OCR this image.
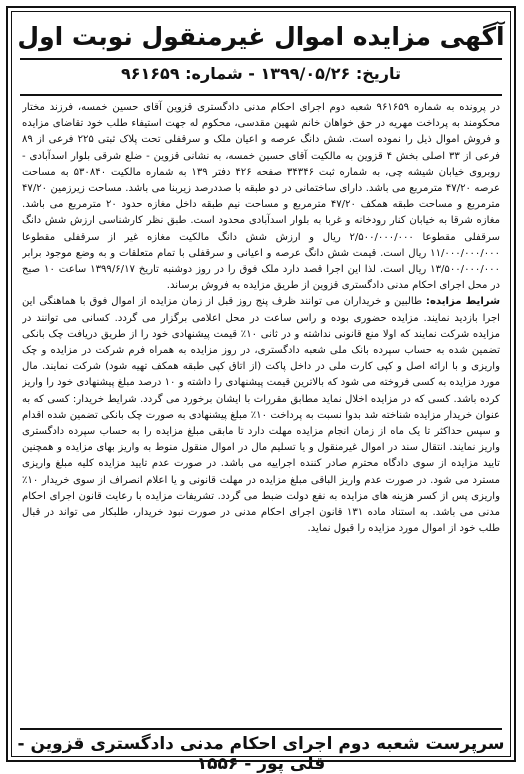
آگهی مزایده اموال غیرمنقول نوبت اول
تاریخ: ۱۳۹۹/۰۵/۲۶ - شماره: ۹۶۱۶۵۹

در پرونده به شماره ۹۶۱۶۵۹ شعبه دوم اجرای احکام مدنی دادگستری قزوین آقای حسین خمسه، فرزند مختار محکومند به پرداخت مهریه در حق خواهان خانم شهین مقدسی، محکوم له جهت استیفاء طلب خود تقاضای مزایده و فروش اموال ذیل را نموده است. شش دانگ عرصه و اعیان ملک و سرقفلی تحت پلاک ثبتی ۲۲۵ فرعی از ۸۹ فرعی از ۳۳ اصلی بخش ۴ قزوین به مالکیت آقای حسین خمسه، به نشانی قزوین - ضلع شرقی بلوار اسدآبادی - روبروی خیابان شیشه چی، به شماره ثبت ۳۴۳۴۶ صفحه ۴۲۶ دفتر ۱۳۹ به شماره مالکیت ۵۳۰۸۴۰ به مساحت عرصه ۴۷/۲۰ مترمربع می باشد. دارای ساختمانی در دو طبقه با صددرصد زیربنا می باشد. مساحت زیرزمین ۴۷/۲۰ مترمربع و مساحت طبقه همکف ۴۷/۲۰ مترمربع و مساحت نیم طبقه داخل مغازه حدود ۲۰ مترمربع می باشد. مغازه شرقا به خیابان کنار رودخانه و غربا به بلوار اسدآبادی محدود است. طبق نظر کارشناسی ارزش شش دانگ سرقفلی مقطوعا ۲/۵۰۰/۰۰۰/۰۰۰ ریال و ارزش شش دانگ مالکیت مغازه غیر از سرقفلی مقطوعا ۱۱/۰۰۰/۰۰۰/۰۰۰ ریال است. قیمت شش دانگ عرصه و اعیانی و سرقفلی با تمام متعلقات و به وضع موجود برابر ۱۳/۵۰۰/۰۰۰/۰۰۰ ریال است. لذا این اجرا قصد دارد ملک فوق را در روز دوشنبه تاریخ ۱۳۹۹/۶/۱۷ ساعت ۱۰ صبح در محل اجرای احکام مدنی دادگستری قزوین از طریق مزایده به فروش برساند.

شرایط مزایده: طالبین و خریداران می توانند ظرف پنج روز قبل از زمان مزایده از اموال فوق با هماهنگی این اجرا بازدید نمایند. مزایده حضوری بوده و راس ساعت در محل اعلامی برگزار می گردد. کسانی می توانند در مزایده شرکت نمایند که اولا منع قانونی نداشته و در ثانی ۱۰٪ قیمت پیشنهادی خود را از طریق دریافت چک بانکی تضمین شده به حساب سپرده بانک ملی شعبه دادگستری، در روز مزایده به همراه فرم شرکت در مزایده و چک واریزی و با ارائه اصل و کپی کارت ملی در داخل پاکت (از اتاق کپی طبقه همکف تهیه شود) شرکت نمایند. مال مورد مزایده به کسی فروخته می شود که بالاترین قیمت پیشنهادی را داشته و ۱۰ درصد مبلغ پیشنهادی خود را واریز کرده باشد. کسی که در مزایده اخلال نماید مطابق مقررات با ایشان برخورد می گردد. شرایط خریدار: کسی که به عنوان خریدار مزایده شناخته شد بدوا نسبت به پرداخت ۱۰٪ مبلغ پیشنهادی به صورت چک بانکی تضمین شده اقدام و سپس حداکثر تا یک ماه از زمان انجام مزایده مهلت دارد تا مابقی مبلغ مزایده را به حساب سپرده دادگستری واریز نمایند. انتقال سند در اموال غیرمنقول و یا تسلیم مال در اموال منقول منوط به واریز بهای مزایده و همچنین تایید مزایده از سوی دادگاه محترم صادر کننده اجراییه می باشد. در صورت عدم تایید مزایده کلیه مبلغ واریزی مسترد می شود. در صورت عدم واریز الباقی مبلغ مزایده در مهلت قانونی و یا اعلام انصراف از سوی خریدار ۱۰٪ واریزی پس از کسر هزینه های مزایده به نفع دولت ضبط می گردد. تشریفات مزایده با رعایت قانون اجرای احکام مدنی می باشد. به استناد ماده ۱۳۱ قانون اجرای احکام مدنی در صورت نبود خریدار، طلبکار می تواند در قبال طلب خود از اموال مورد مزایده را قبول نماید.

سرپرست شعبه دوم اجرای احکام مدنی دادگستری قزوین - قلی پور - ۱۵۵۶
